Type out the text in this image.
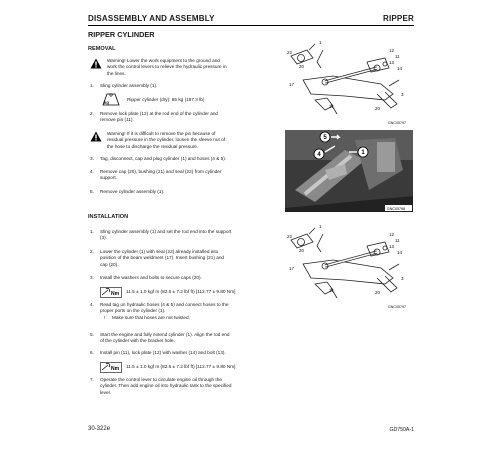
DISASSEMBLY AND ASSEMBLY	RIPPER
RIPPER CYLINDER
REMOVAL
Warning! Lower the work equipment to the ground and
work the control levers to relieve the hydraulic pressure in
the lines.
1. Sling cylinder assembly (1).
kg
Ripper cylinder (dry): 85 kg (187.3 lb)
2. Remove lock plate (12) at the rod end of the cylinder and
remove pin (11).
Warning! If it is difficult to remove the pin because of
residual pressure in the cylinder, loosen the sleeve nut of
the hose to discharge the residual pressure.
3. Tag, disconnect, cap and plug cylinder (1) and hoses (4 & 5).
4. Remove cap (20), bushing (21) and seal (22) from cylinder
support.
5. Remove cylinder assembly (1).
INSTALLATION
1. Sling cylinder assembly (1) and set the rod end into the support
(3).
2. Lower the cylinder (1) with seal (22) already installed into
position of the beam weldment (17). Insert bushing (21) and
cap (20).
3. Install the washers and bolts to secure caps (20).
Nm 11.5 ± 1.0 kgf m (82.6 ± 7.2 lbf ft) [112.77 ± 9.80 Nm]
4. Read tag on hydraulic hoses (4 & 5) and connect hoses to the
proper ports on the cylinder (1).
! Make sure that hoses are not twisted.
5. Start the engine and fully extend cylinder (1). Align the rod end
of the cylinder with the bracket hole.
6. Install pin (11), lock plate (12) with washer (14) and bolt (13).
Nm 11.5 ± 1.0 kgf m (82.6 ± 7.2 lbf ft) [112.77 ± 9.80 Nm]
7. Operate the control lever to circulate engine oil through the
cylinder. Then add engine oil into hydraulic tank to the specified
level.
1
12
11
13
14
22
20
3
17
21	20
GNC05797
5
4	1
GNC05798
1
12
11
13
14
22
20
3
17
21	20
GNC05797
30-322e	GD750A-1
